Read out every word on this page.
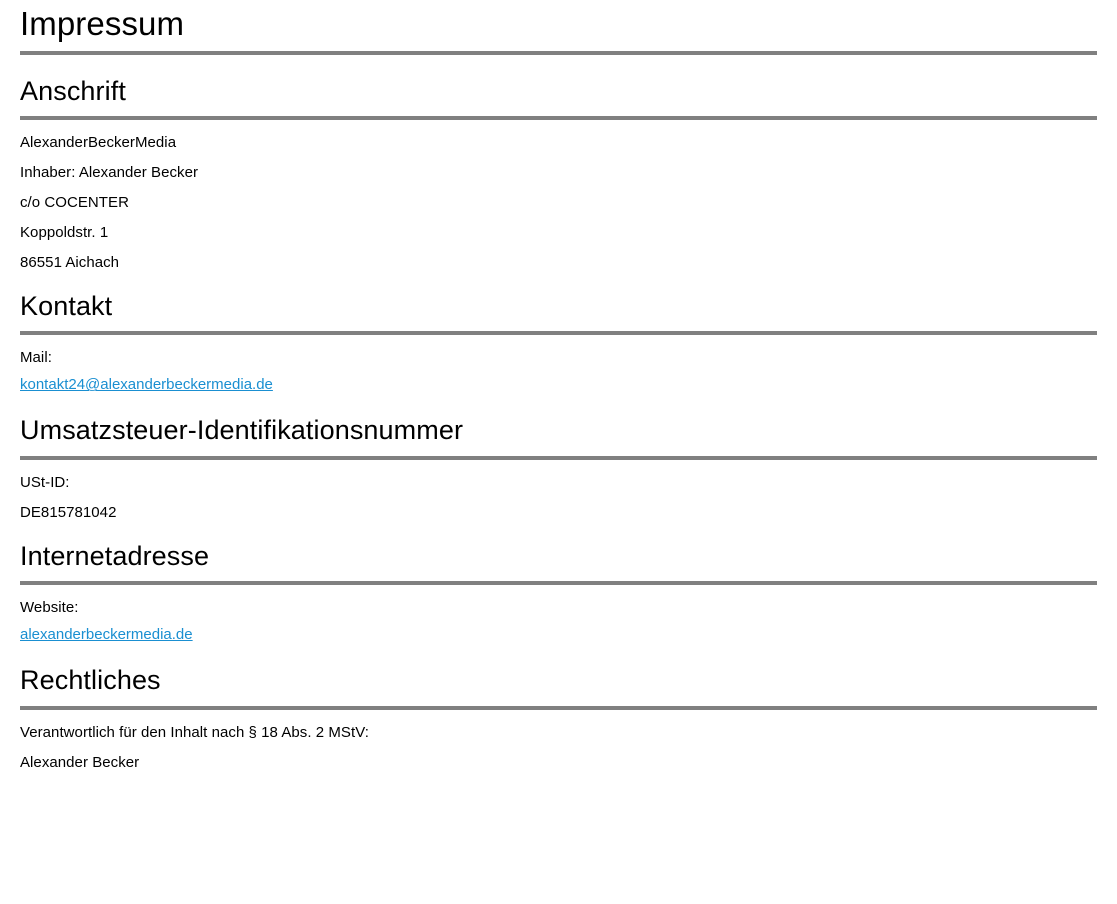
Impressum
Anschrift

AlexanderBeckerMedia

Inhaber: Alexander Becker

c/o COCENTER

Koppoldstr. 1

86551 Aichach

Kontakt

Mail:

kontakt24@alexanderbeckermedia.de
Umsatzsteuer-Identifikationsnummer

USt-ID:

DE815781042

Internetadresse

Website:

alexanderbeckermedia.de
Rechtliches

Verantwortlich für den Inhalt nach § 18 Abs. 2 MStV:

Alexander Becker
